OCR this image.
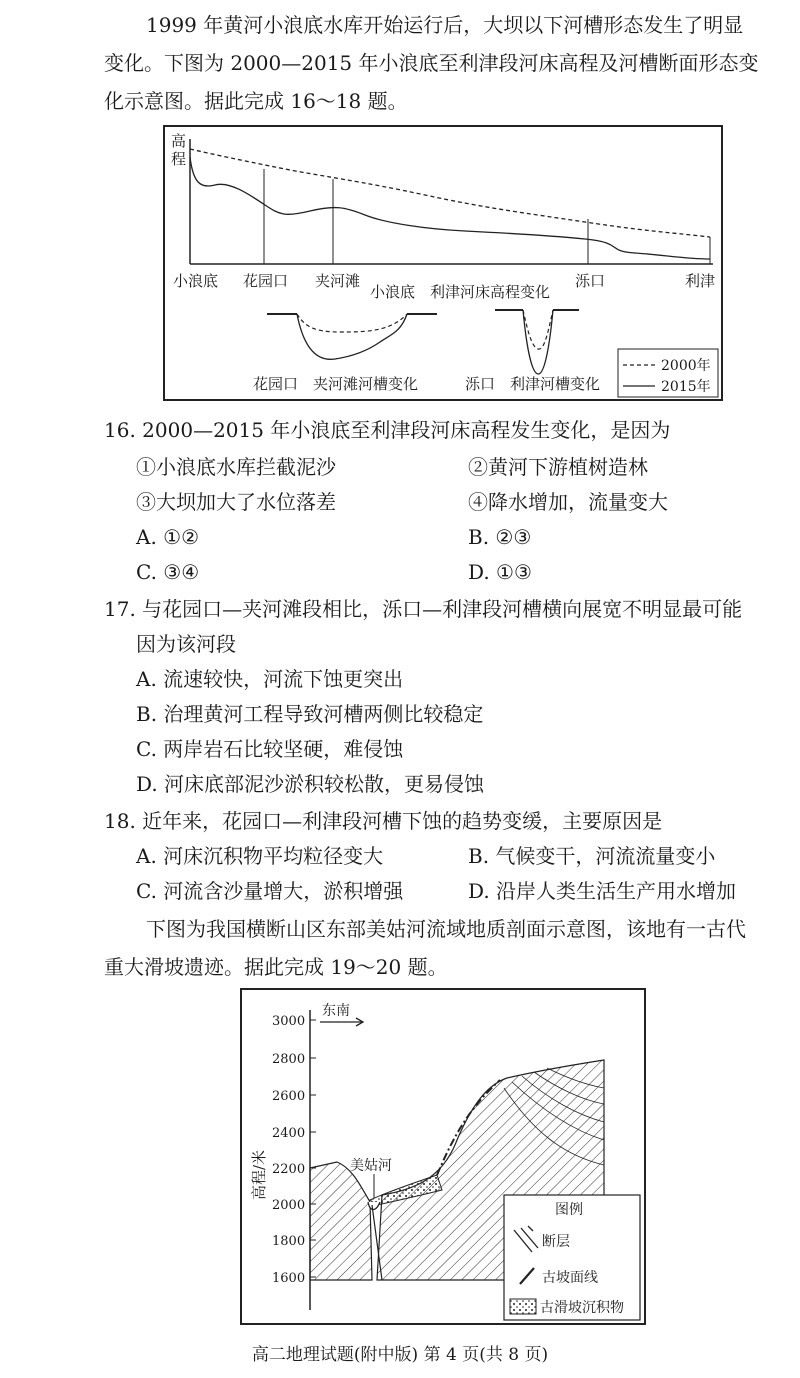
1999 年黄河小浪底水库开始运行后，大坝以下河槽形态发生了明显
变化。下图为 2000—2015 年小浪底至利津段河床高程及河槽断面形态变
化示意图。据此完成 16～18 题。
高
程
小浪底 花园口 夹河滩	泺口	利津
小浪底　利津河床高程变化
花园口　夹河滩河槽变化	泺口　利津河槽变化
2000年
2015年
16. 2000—2015 年小浪底至利津段河床高程发生变化，是因为
①小浪底水库拦截泥沙	②黄河下游植树造林
③大坝加大了水位落差	④降水增加，流量变大
A. ①②	B. ②③
C. ③④	D. ①③
17. 与花园口—夹河滩段相比，泺口—利津段河槽横向展宽不明显最可能
因为该河段
A. 流速较快，河流下蚀更突出
B. 治理黄河工程导致河槽两侧比较稳定
C. 两岸岩石比较坚硬，难侵蚀
D. 河床底部泥沙淤积较松散，更易侵蚀
18. 近年来，花园口—利津段河槽下蚀的趋势变缓，主要原因是
A. 河床沉积物平均粒径变大	B. 气候变干，河流流量变小
C. 河流含沙量增大，淤积增强	D. 沿岸人类生活生产用水增加
下图为我国横断山区东部美姑河流域地质剖面示意图，该地有一古代
重大滑坡遗迹。据此完成 19～20 题。
高程/米
3000
2800
2600
2400
2200
2000
1800
1600
东南
美姑河
图例
断层
古坡面线
古滑坡沉积物
高二地理试题(附中版) 第 4 页(共 8 页)
